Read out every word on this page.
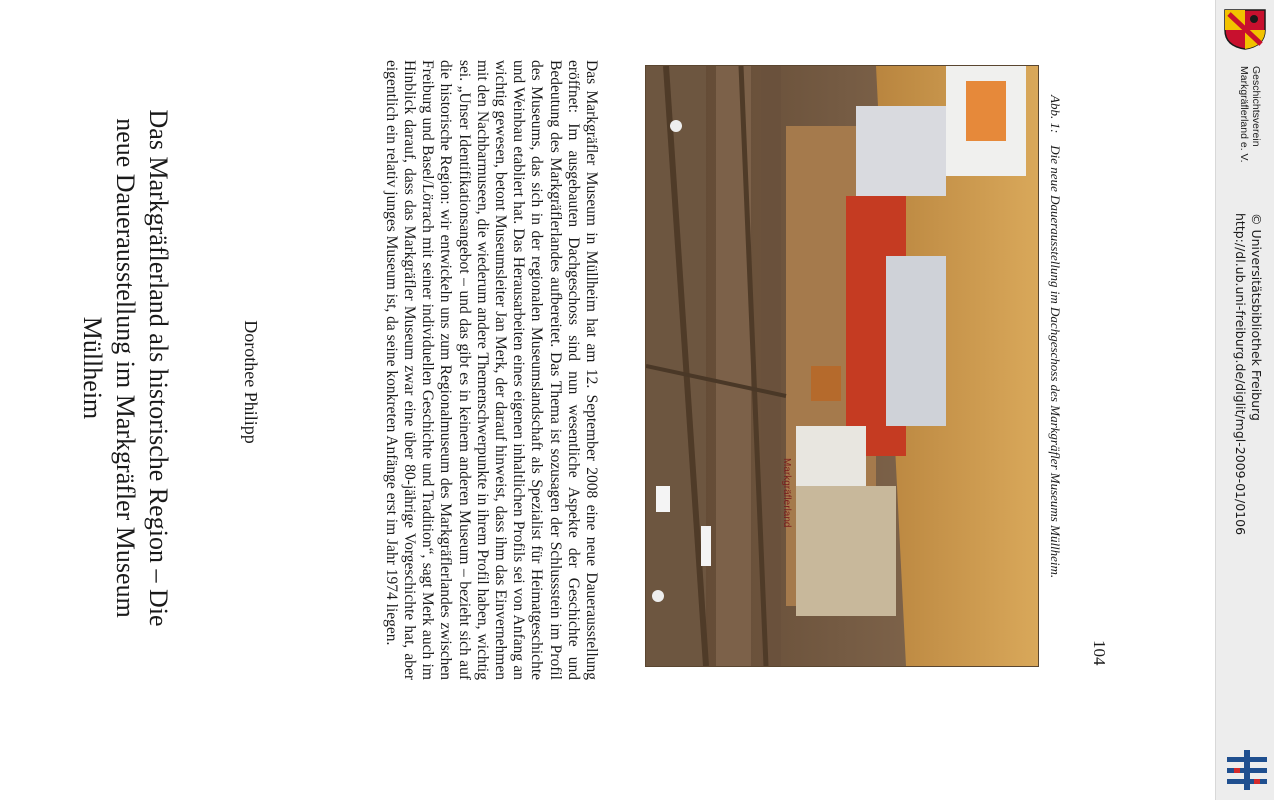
Das Markgräflerland als historische Region – Die neue Dauerausstellung im Markgräfler Museum Müllheim	Dorothee Philipp	Das Markgräfler Museum in Müllheim hat am 12. September 2008 eine neue Dauerausstellung eröffnet: Im ausgebauten Dachgeschoss sind nun wesentliche Aspekte der Geschichte und Bedeutung des Markgräflerlandes aufbereitet. Das Thema ist sozusagen der Schlussstein im Profil des Museums, das sich in der regionalen Museumslandschaft als Spezialist für Heimatgeschichte und Weinbau etabliert hat. Das Herausarbeiten eines eigenen inhaltlichen Profils sei von Anfang an wichtig gewesen, betont Museumsleiter Jan Merk, der darauf hinweist, dass ihm das Einvernehmen mit den Nachbarmuseen, die wiederum andere Themenschwerpunkte in ihrem Profil haben, wichtig sei. „Unser Identifikationsangebot – und das gibt es in keinem anderen Museum – bezieht sich auf die historische Region: wir entwickeln uns zum Regionalmuseum des Markgräflerlandes zwischen Freiburg und Basel/Lörrach mit seiner individuellen Geschichte und Tradition“, sagt Merk auch im Hinblick darauf, dass das Markgräfler Museum zwar eine über 80-jährige Vorgeschichte hat, aber eigentlich ein relativ junges Museum ist, da seine konkreten Anfänge erst im Jahr 1974 liegen.	Markgräflerland
Abb. 1:Die neue Dauerausstellung im Dachgeschoss des Markgräfler Museums Müllheim.
104
Geschichtsverein
Markgräflerland e. V.
http://dl.ub.uni-freiburg.de/diglit/mgl-2009-01/0106 © Universitätsbibliothek Freiburg
